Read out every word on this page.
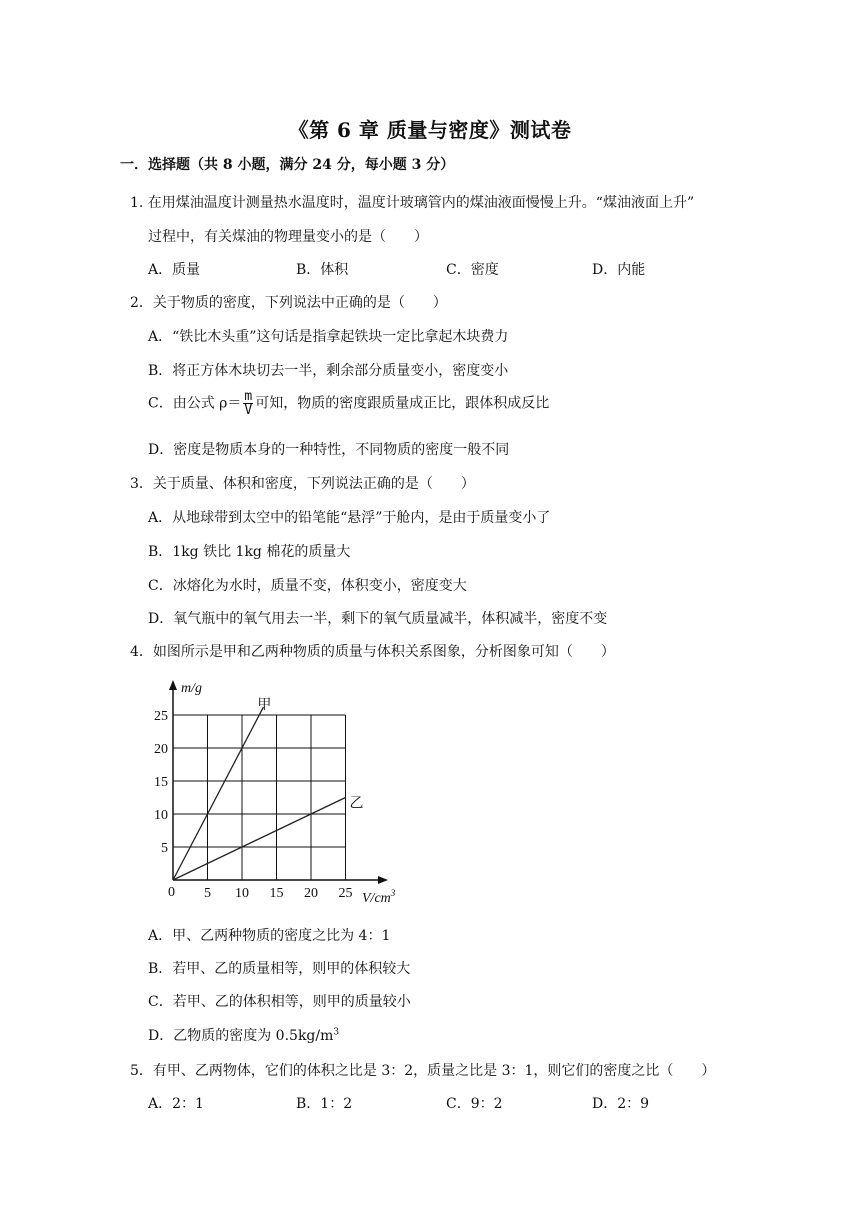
《第 6 章 质量与密度》测试卷
一．选择题（共 8 小题，满分 24 分，每小题 3 分）
1. 在用煤油温度计测量热水温度时，温度计玻璃管内的煤油液面慢慢上升。“煤油液面上升”
过程中，有关煤油的物理量变小的是（　　）
A．质量	B．体积	C．密度	D．内能
2．关于物质的密度，下列说法中正确的是（　　）
A．“铁比木头重”这句话是指拿起铁块一定比拿起木块费力
B．将正方体木块切去一半，剩余部分质量变小，密度变小
C．由公式 $\rho= \frac{m}{V}$ 可知，物质的密度跟质量成正比，跟体积成反比
D．密度是物质本身的一种特性，不同物质的密度一般不同
3．关于质量、体积和密度，下列说法正确的是（　　）
A．从地球带到太空中的铅笔能“悬浮”于舱内，是由于质量变小了
B．1kg 铁比 1kg 棉花的质量大
C．冰熔化为水时，质量不变，体积变小，密度变大
D．氧气瓶中的氧气用去一半，剩下的氧气质量减半，体积减半，密度不变
4．如图所示是甲和乙两种物质的质量与体积关系图象，分析图象可知（　　）
5 10 15 20 25
5
10
15
20
25
甲
乙
m/g
$V/cm^3$
0
A．甲、乙两种物质的密度之比为 4：1
B．若甲、乙的质量相等，则甲的体积较大
C．若甲、乙的体积相等，则甲的质量较小
D．乙物质的密度为 $0.5kg/m^3$
5．有甲、乙两物体，它们的体积之比是 3：2，质量之比是 3：1，则它们的密度之比（　　）
A．2：1	B．1：2	C．9：2	D．2：9
